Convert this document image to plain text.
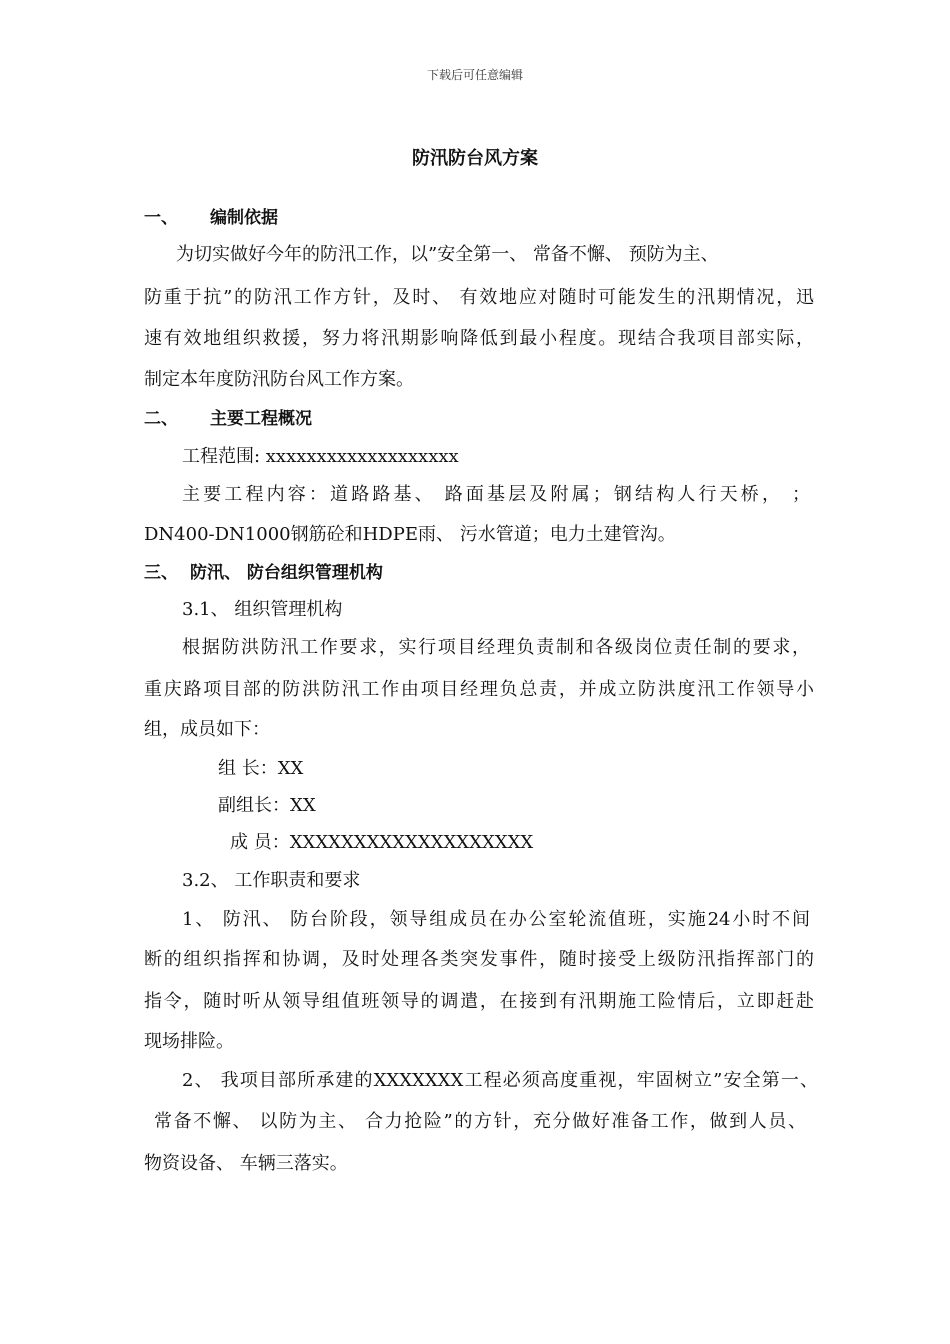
下载后可任意编辑
防汛防台风方案
一、 编制依据
为切实做好今年的防汛工作，以”安全第一、 常备不懈、 预防为主、
防重于抗”的防汛工作方针，及时、 有效地应对随时可能发生的汛期情况，迅
速有效地组织救援，努力将汛期影响降低到最小程度。现结合我项目部实际，
制定本年度防汛防台风工作方案。
二、 主要工程概况
工程范围: xxxxxxxxxxxxxxxxxxx
主要工程内容：道路路基、 路面基层及附属；钢结构人行天桥， ；
DN400-DN1000钢筋砼和HDPE雨、 污水管道；电力土建管沟。
三、 防汛、 防台组织管理机构
3.1、 组织管理机构
根据防洪防汛工作要求，实行项目经理负责制和各级岗位责任制的要求，
重庆路项目部的防洪防汛工作由项目经理负总责，并成立防洪度汛工作领导小
组，成员如下：
组 长：XX
副组长：XX
成 员：XXXXXXXXXXXXXXXXXXX
3.2、 工作职责和要求
1、 防汛、 防台阶段，领导组成员在办公室轮流值班，实施24小时不间
断的组织指挥和协调，及时处理各类突发事件，随时接受上级防汛指挥部门的
指令，随时听从领导组值班领导的调遣，在接到有汛期施工险情后，立即赶赴
现场排险。
2、 我项目部所承建的XXXXXXX工程必须高度重视，牢固树立”安全第一、
常备不懈、 以防为主、 合力抢险”的方针，充分做好准备工作，做到人员、
物资设备、 车辆三落实。
